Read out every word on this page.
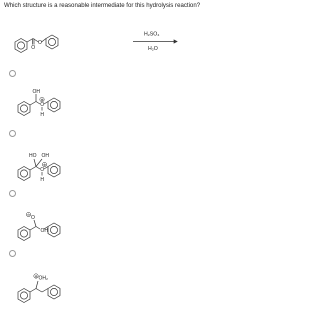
Which structure is a reasonable intermediate for this hydrolysis reaction?
O
O
H₂SO₄
H₂O
OH
⊕
O
H
HO OH
⊕
O
H
⊖ O
OH
⊕ OH₂
